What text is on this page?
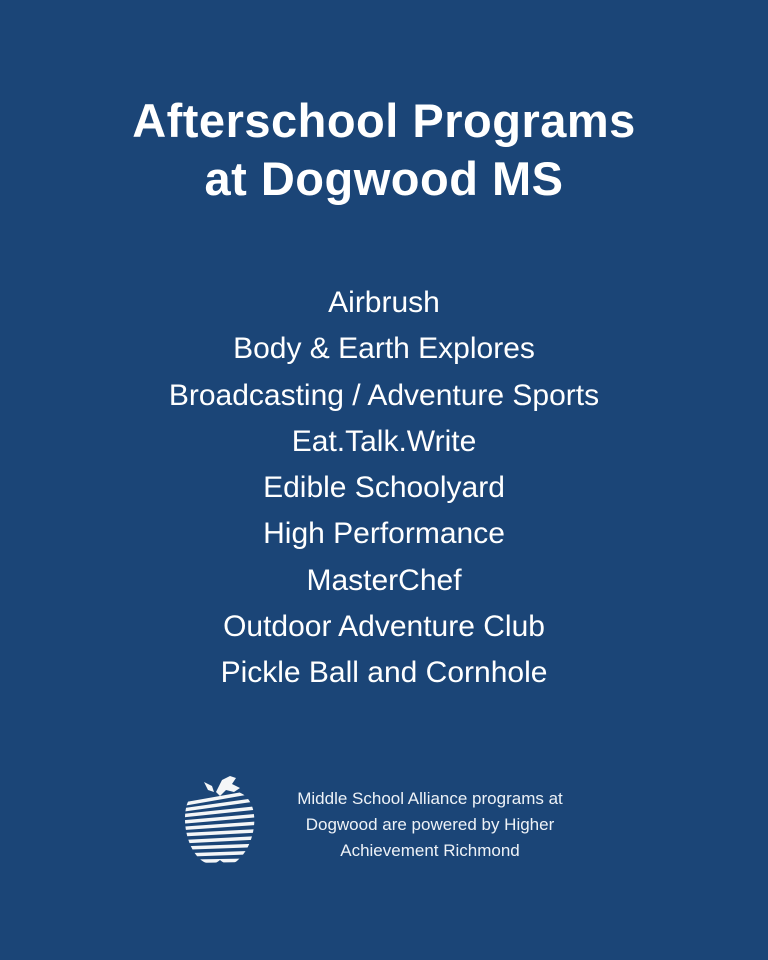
Afterschool Programs
at Dogwood MS
Airbrush
Body & Earth Explores
Broadcasting / Adventure Sports
Eat.Talk.Write
Edible Schoolyard
High Performance
MasterChef
Outdoor Adventure Club
Pickle Ball and Cornhole
Middle School Alliance programs at
Dogwood are powered by Higher
Achievement Richmond
